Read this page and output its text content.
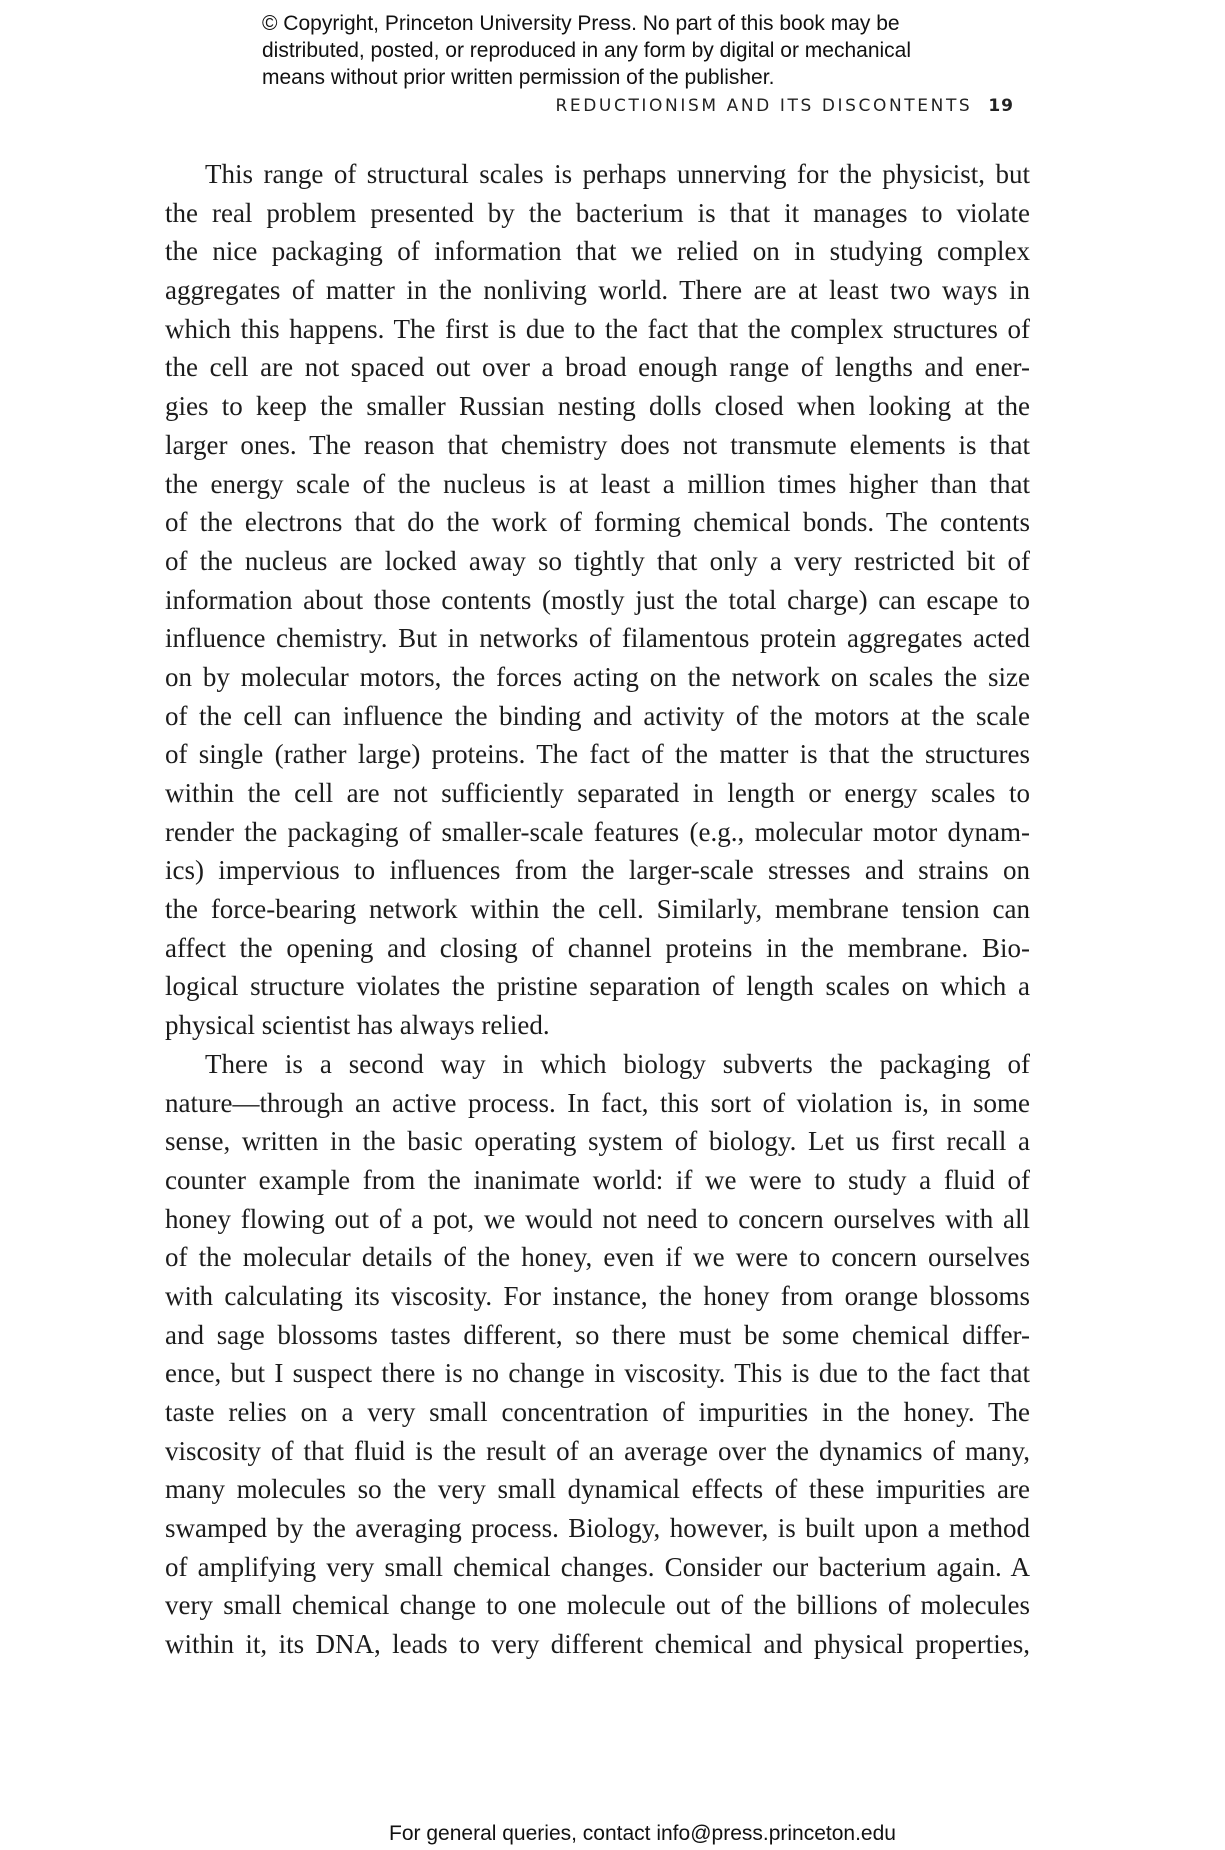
© Copyright, Princeton University Press. No part of this book may be
distributed, posted, or reproduced in any form by digital or mechanical
means without prior written permission of the publisher.
REDUCTIONISM AND ITS DISCONTENTS 19
This range of structural scales is perhaps unnerving for the physicist, but
the real problem presented by the bacterium is that it manages to violate
the nice packaging of information that we relied on in studying complex
aggregates of matter in the nonliving world. There are at least two ways in
which this happens. The first is due to the fact that the complex structures of
the cell are not spaced out over a broad enough range of lengths and ener-
gies to keep the smaller Russian nesting dolls closed when looking at the
larger ones. The reason that chemistry does not transmute elements is that
the energy scale of the nucleus is at least a million times higher than that
of the electrons that do the work of forming chemical bonds. The contents
of the nucleus are locked away so tightly that only a very restricted bit of
information about those contents (mostly just the total charge) can escape to
influence chemistry. But in networks of filamentous protein aggregates acted
on by molecular motors, the forces acting on the network on scales the size
of the cell can influence the binding and activity of the motors at the scale
of single (rather large) proteins. The fact of the matter is that the structures
within the cell are not sufficiently separated in length or energy scales to
render the packaging of smaller-scale features (e.g., molecular motor dynam-
ics) impervious to influences from the larger-scale stresses and strains on
the force-bearing network within the cell. Similarly, membrane tension can
affect the opening and closing of channel proteins in the membrane. Bio-
logical structure violates the pristine separation of length scales on which a
physical scientist has always relied.
There is a second way in which biology subverts the packaging of
nature—through an active process. In fact, this sort of violation is, in some
sense, written in the basic operating system of biology. Let us first recall a
counter example from the inanimate world: if we were to study a fluid of
honey flowing out of a pot, we would not need to concern ourselves with all
of the molecular details of the honey, even if we were to concern ourselves
with calculating its viscosity. For instance, the honey from orange blossoms
and sage blossoms tastes different, so there must be some chemical differ-
ence, but I suspect there is no change in viscosity. This is due to the fact that
taste relies on a very small concentration of impurities in the honey. The
viscosity of that fluid is the result of an average over the dynamics of many,
many molecules so the very small dynamical effects of these impurities are
swamped by the averaging process. Biology, however, is built upon a method
of amplifying very small chemical changes. Consider our bacterium again. A
very small chemical change to one molecule out of the billions of molecules
within it, its DNA, leads to very different chemical and physical properties,
For general queries, contact info@press.princeton.edu
